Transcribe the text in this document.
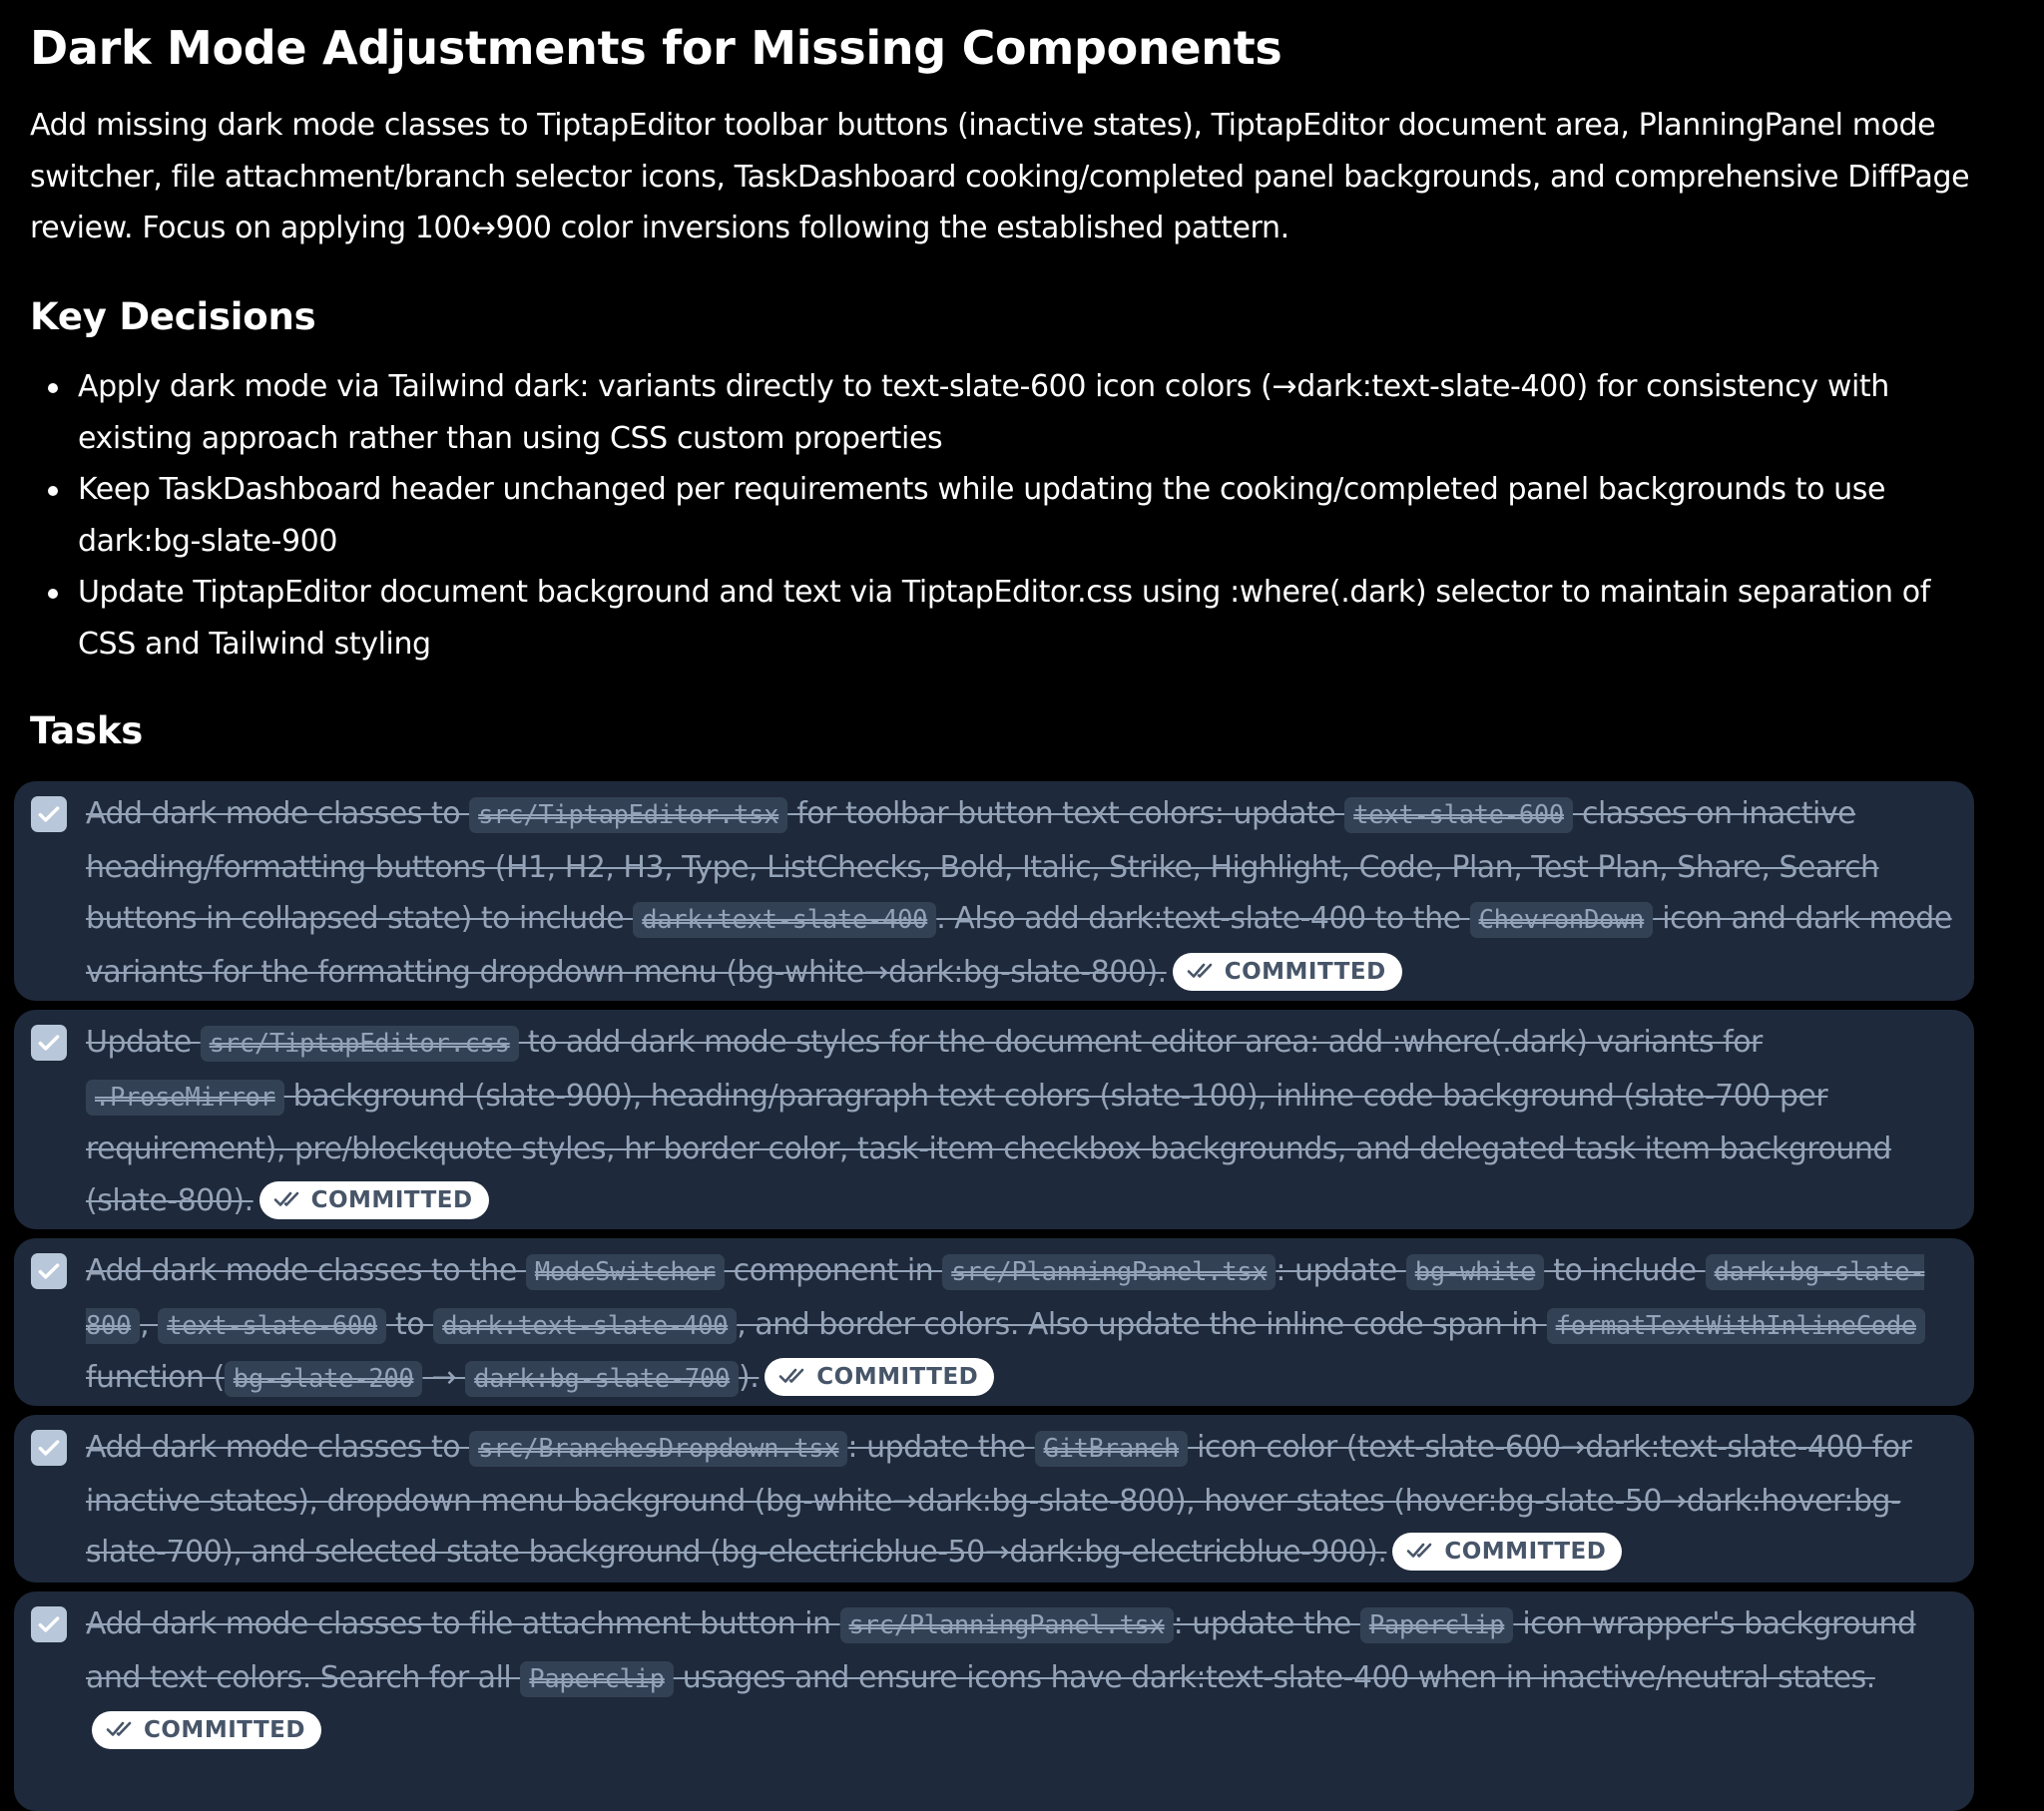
Dark Mode Adjustments for Missing Components

Add missing dark mode classes to TiptapEditor toolbar buttons (inactive states), TiptapEditor document area, PlanningPanel mode switcher, file attachment/branch selector icons, TaskDashboard cooking/completed panel backgrounds, and comprehensive DiffPage review. Focus on applying 100↔900 color inversions following the established pattern.

Key Decisions
Apply dark mode via Tailwind dark: variants directly to text-slate-600 icon colors (→dark:text-slate-400) for consistency with existing approach rather than using CSS custom properties
Keep TaskDashboard header unchanged per requirements while updating the cooking/completed panel backgrounds to use dark:bg-slate-900
Update TiptapEditor document background and text via TiptapEditor.css using :where(.dark) selector to maintain separation of CSS and Tailwind styling
Tasks

Add dark mode classes to src/TiptapEditor.tsx for toolbar button text colors: update text-slate-600 classes on inactive heading/formatting buttons (H1, H2, H3, Type, ListChecks, Bold, Italic, Strike, Highlight, Code, Plan, Test Plan, Share, Search buttons in collapsed state) to include dark:text-slate-400 . Also add dark:text-slate-400 to the ChevronDown icon and dark mode variants for the formatting dropdown menu (bg-white→dark:bg-slate-800).	COMMITTED

Update src/TiptapEditor.css to add dark mode styles for the document editor area: add :where(.dark) variants for .ProseMirror background (slate-900), heading/paragraph text colors (slate-100), inline code background (slate-700 per requirement), pre/blockquote styles, hr border color, task-item checkbox backgrounds, and delegated task item background (slate-800).	COMMITTED

Add dark mode classes to the ModeSwitcher component in src/PlanningPanel.tsx : update bg-white to include dark:bg-slate-800 , text-slate-600 to dark:text-slate-400 , and border colors. Also update the inline code span in formatTextWithInlineCode function ( bg-slate-200 → dark:bg-slate-700 ).	COMMITTED

Add dark mode classes to src/BranchesDropdown.tsx : update the GitBranch icon color (text-slate-600→dark:text-slate-400 for inactive states), dropdown menu background (bg-white→dark:bg-slate-800), hover states (hover:bg-slate-50→dark:hover:bg-slate-700), and selected state background (bg-electricblue-50→dark:bg-electricblue-900).	COMMITTED

Add dark mode classes to file attachment button in src/PlanningPanel.tsx : update the Paperclip icon wrapper's background and text colors. Search for all Paperclip usages and ensure icons have dark:text-slate-400 when in inactive/neutral states.COMMITTED
